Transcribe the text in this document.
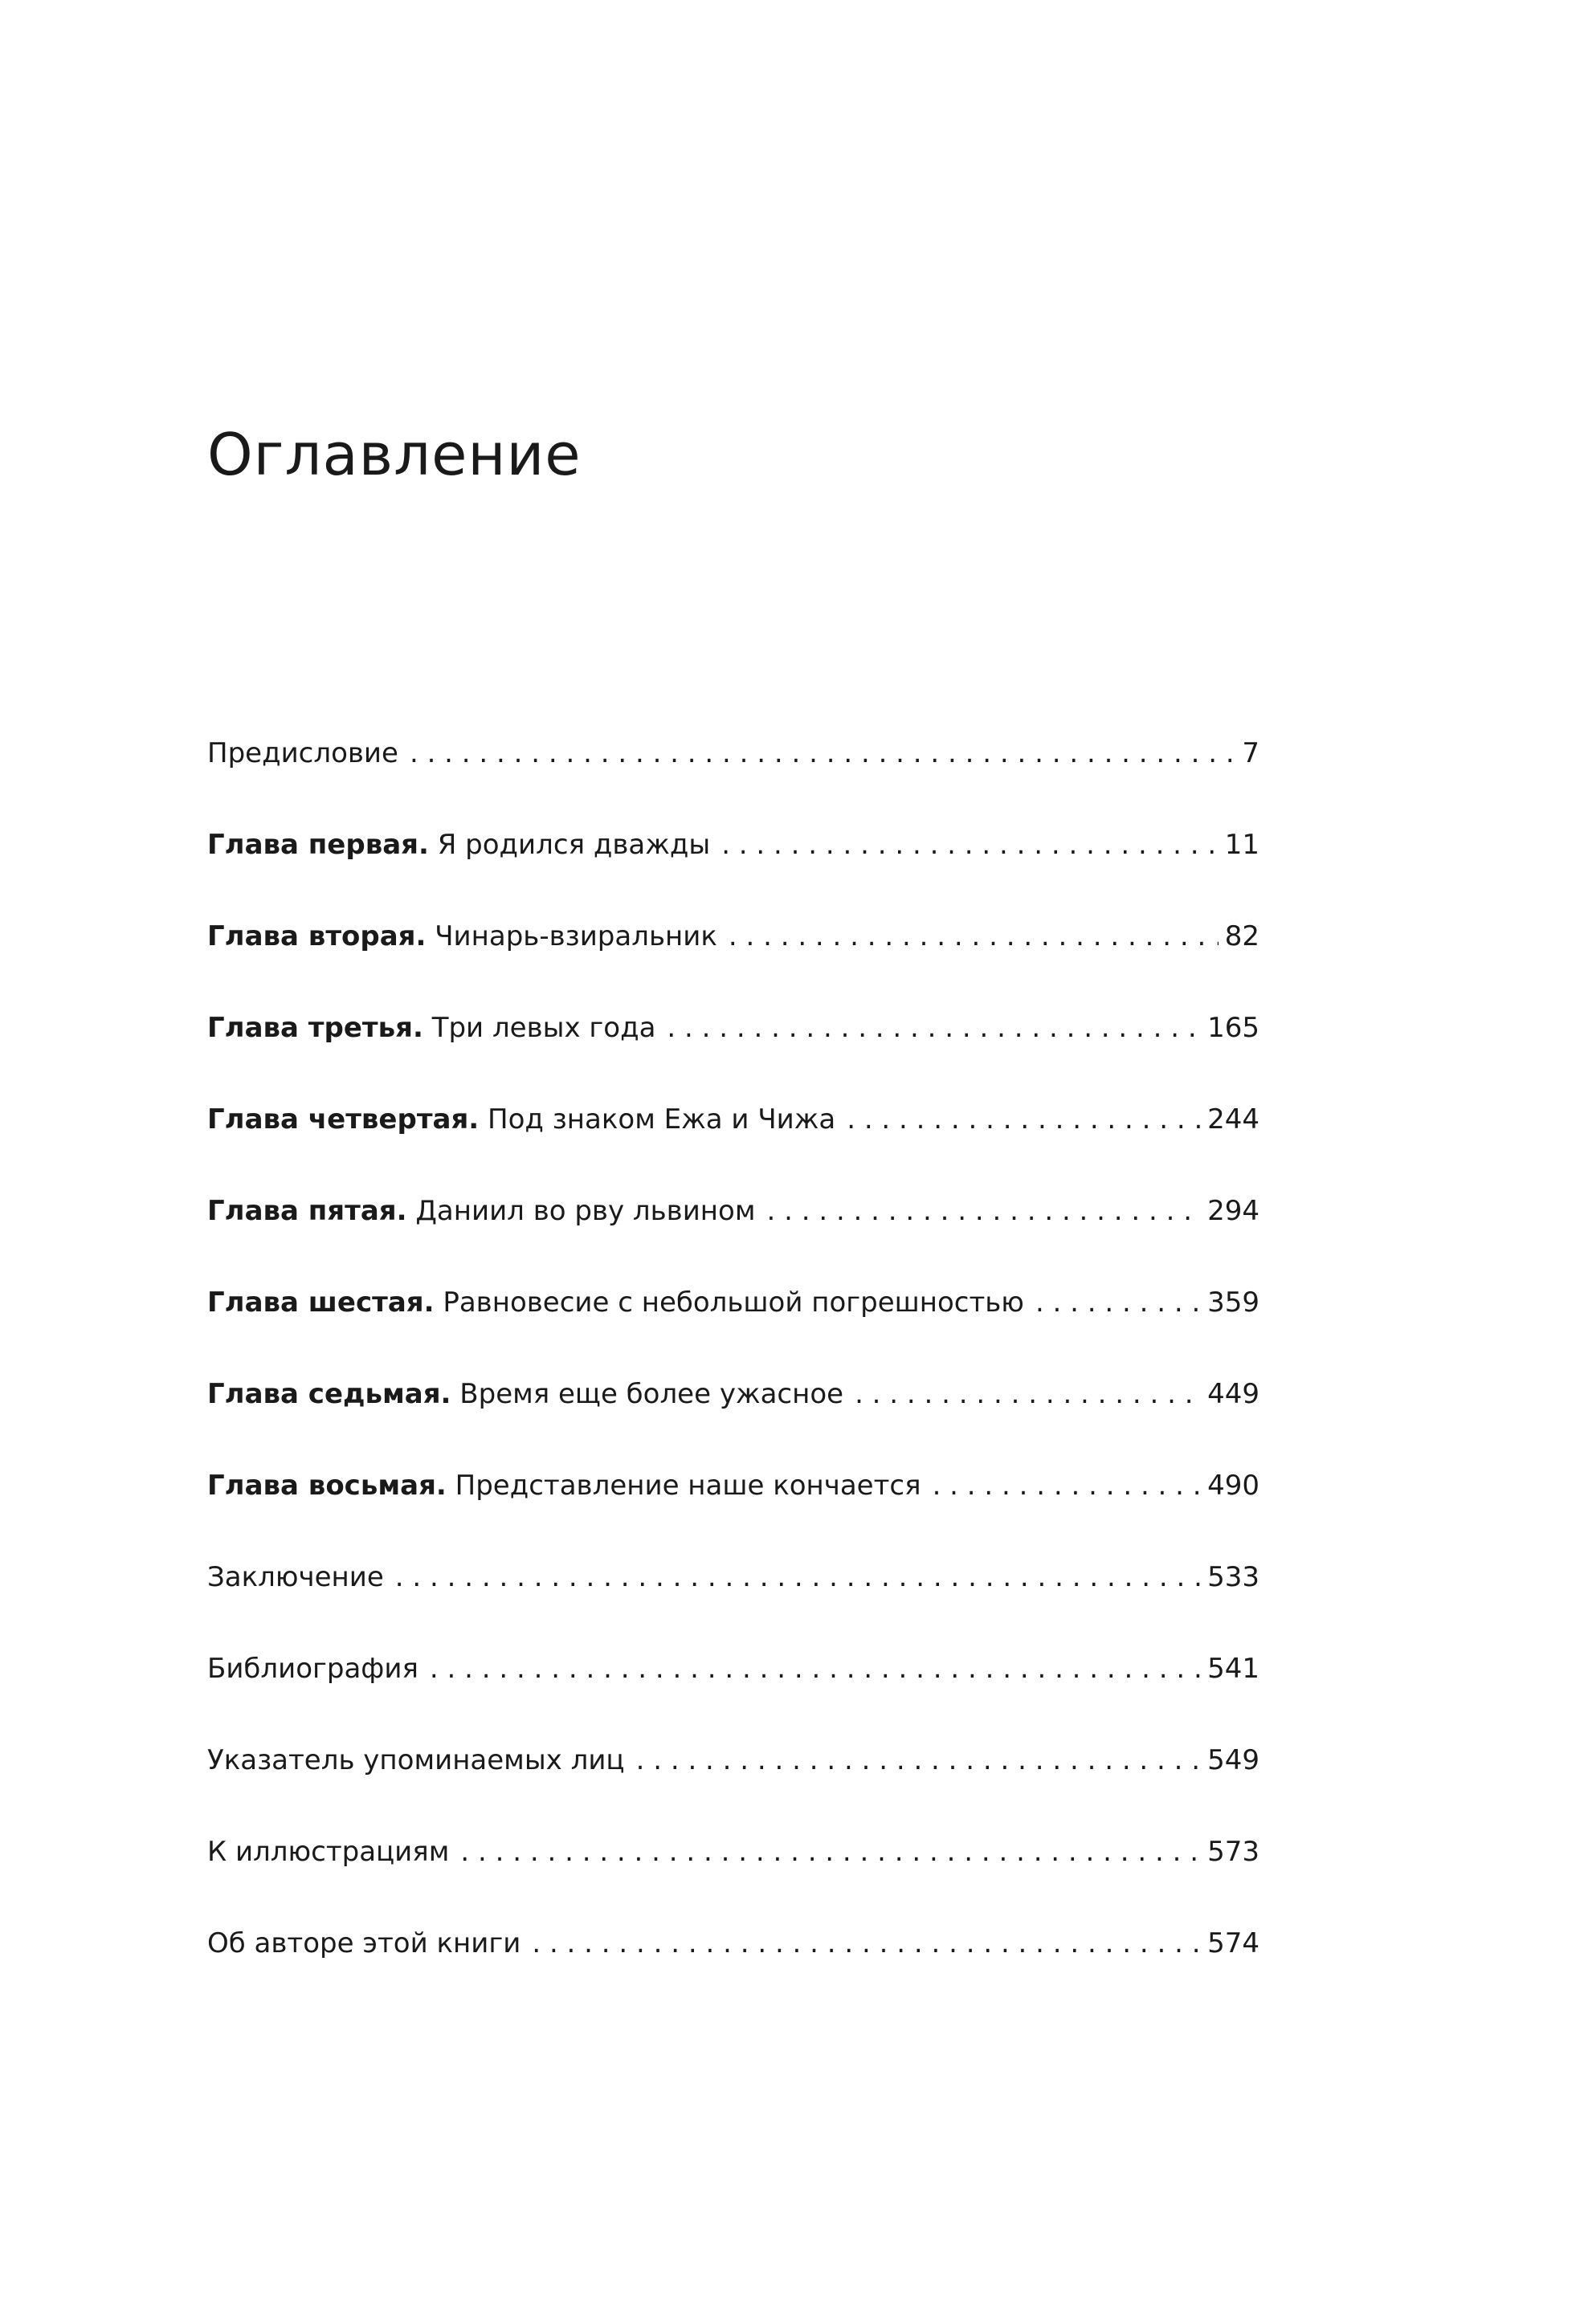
Оглавление
Предисловие . . .	7
Глава первая. Я родился дважды . . .	11
Глава вторая. Чинарь-взиральник . . .	82
Глава третья. Три левых года . . .	165
Глава четвертая. Под знаком Ежа и Чижа . . .	244
Глава пятая. Даниил во рву львином . . .	294
Глава шестая. Равновесие с небольшой погрешностью . . .	359
Глава седьмая. Время еще более ужасное . . .	449
Глава восьмая. Представление наше кончается . . .	490
Заключение . . .	533
Библиография . . .	541
Указатель упоминаемых лиц . . .	549
К иллюстрациям . . .	573
Об авторе этой книги . . .	574
